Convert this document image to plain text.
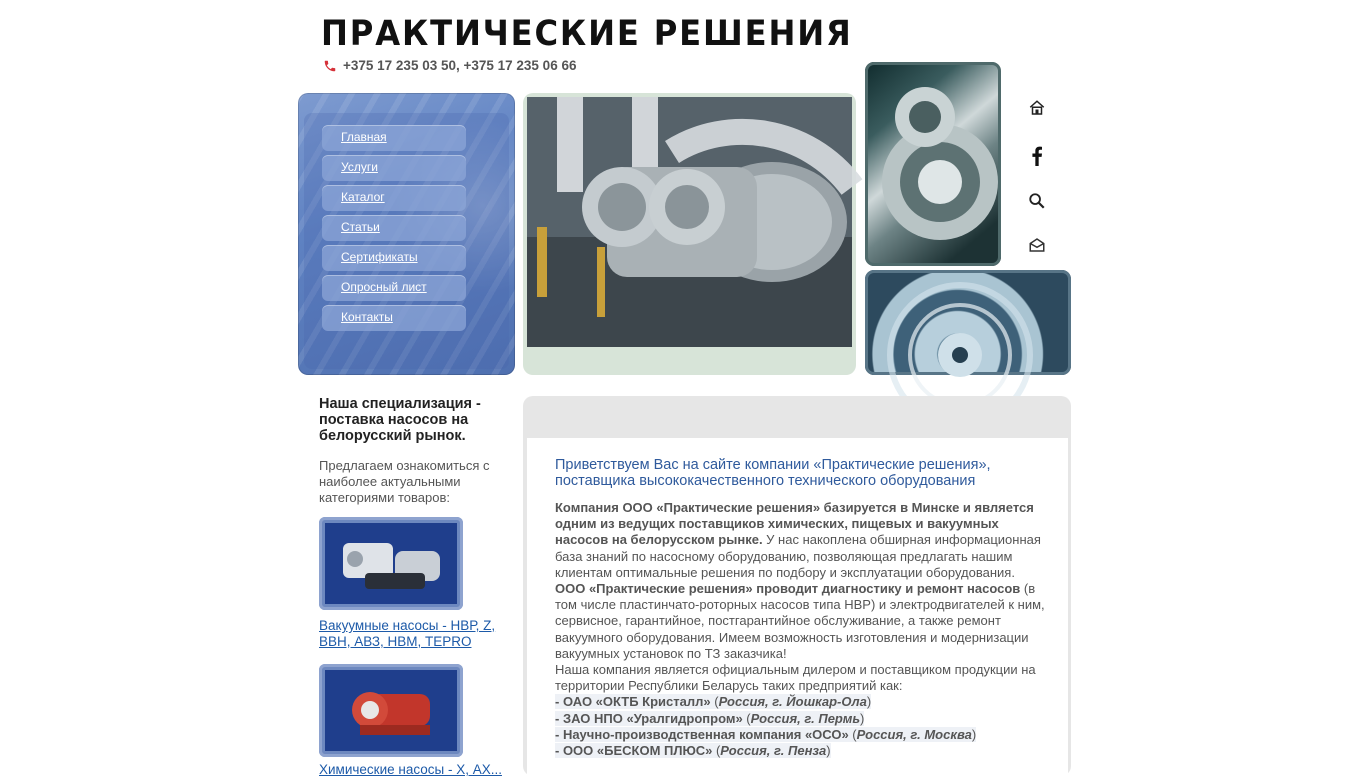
ПРАКТИЧЕСКИЕ РЕШЕНИЯ
+375 17 235 03 50, +375 17 235 06 66
Главная
Услуги
Каталог
Статьи
Сертификаты
Опросный лист
Контакты
Наша специализация - поставка насосов на белорусский рынок.
Предлагаем ознакомиться с наиболее актуальными категориями товаров:
Вакуумные насосы - НВР, Z, ВВН, АВЗ, НВМ, TEPRO
Химические насосы - Х, АХ...
Приветствуем Вас на сайте компании «Практические решения», поставщика высококачественного технического оборудования
Компания ООО «Практические решения» базируется в Минске и является одним из ведущих поставщиков химических, пищевых и вакуумных насосов на белорусском рынке. У нас накоплена обширная информационная база знаний по насосному оборудованию, позволяющая предлагать нашим клиентам оптимальные решения по подбору и эксплуатации оборудования.
ООО «Практические решения» проводит диагностику и ремонт насосов (в том числе пластинчато-роторных насосов типа НВР) и электродвигателей к ним, сервисное, гарантийное, постгарантийное обслуживание, а также ремонт вакуумного оборудования. Имеем возможность изготовления и модернизации вакуумных установок по ТЗ заказчика!
Наша компания является официальным дилером и поставщиком продукции на территории Республики Беларусь таких предприятий как:
- ОАО «ОКТБ Кристалл» (Россия, г. Йошкар-Ола)
- ЗАО НПО «Уралгидропром» (Россия, г. Пермь)
- Научно-производственная компания «ОСО» (Россия, г. Москва)
- ООО «БЕСКОМ ПЛЮС» (Россия, г. Пенза)
